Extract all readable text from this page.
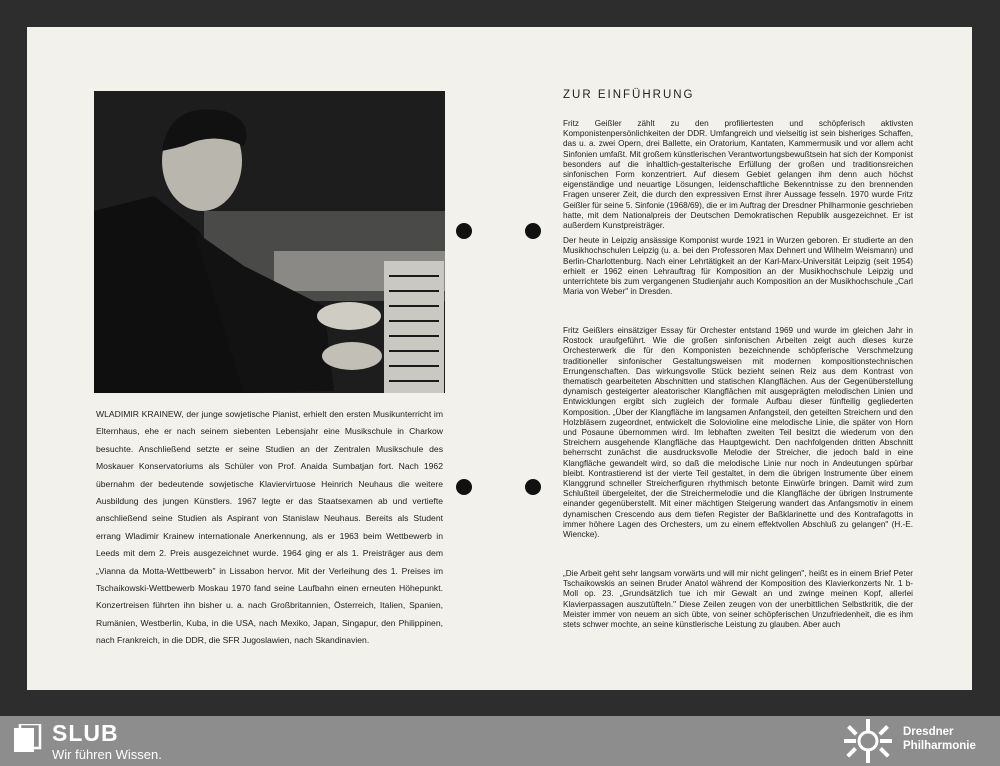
WLADIMIR KRAINEW, der junge sowjetische Pianist, erhielt den ersten Musikunterricht im Elternhaus, ehe er nach seinem siebenten Lebensjahr eine Musikschule in Charkow besuchte. Anschließend setzte er seine Studien an der Zentralen Musikschule des Moskauer Konservatoriums als Schüler von Prof. Anaida Sumbatjan fort. Nach 1962 übernahm der bedeutende sowjetische Klaviervirtuose Heinrich Neuhaus die weitere Ausbildung des jungen Künstlers. 1967 legte er das Staatsexamen ab und vertiefte anschließend seine Studien als Aspirant von Stanislaw Neuhaus. Bereits als Student errang Wladimir Krainew internationale Anerkennung, als er 1963 beim Wettbewerb in Leeds mit dem 2. Preis ausgezeichnet wurde. 1964 ging er als 1. Preisträger aus dem „Vianna da Motta-Wettbewerb" in Lissabon hervor. Mit der Verleihung des 1. Preises im Tschaikowski-Wettbewerb Moskau 1970 fand seine Laufbahn einen erneuten Höhepunkt. Konzertreisen führten ihn bisher u. a. nach Großbritannien, Österreich, Italien, Spanien, Rumänien, Westberlin, Kuba, in die USA, nach Mexiko, Japan, Singapur, den Philippinen, nach Frankreich, in die DDR, die SFR Jugoslawien, nach Skandinavien.
ZUR EINFÜHRUNG

Fritz Geißler zählt zu den profiliertesten und schöpferisch aktivsten Komponistenpersönlichkeiten der DDR. Umfangreich und vielseitig ist sein bisheriges Schaffen, das u. a. zwei Opern, drei Ballette, ein Oratorium, Kantaten, Kammermusik und vor allem acht Sinfonien umfaßt. Mit großem künstlerischen Verantwortungsbewußtsein hat sich der Komponist besonders auf die inhaltlich-gestalterische Erfüllung der großen und traditionsreichen sinfonischen Form konzentriert. Auf diesem Gebiet gelangen ihm denn auch höchst eigenständige und neuartige Lösungen, leidenschaftliche Bekenntnisse zu den brennenden Fragen unserer Zeit, die durch den expressiven Ernst ihrer Aussage fesseln. 1970 wurde Fritz Geißler für seine 5. Sinfonie (1968/69), die er im Auftrag der Dresdner Philharmonie geschrieben hatte, mit dem Nationalpreis der Deutschen Demokratischen Republik ausgezeichnet. Er ist außerdem Kunstpreisträger.

Der heute in Leipzig ansässige Komponist wurde 1921 in Wurzen geboren. Er studierte an den Musikhochschulen Leipzig (u. a. bei den Professoren Max Dehnert und Wilhelm Weismann) und Berlin-Charlottenburg. Nach einer Lehrtätigkeit an der Karl-Marx-Universität Leipzig (seit 1954) erhielt er 1962 einen Lehrauftrag für Komposition an der Musikhochschule Leipzig und unterrichtete bis zum vergangenen Studienjahr auch Komposition an der Musikhochschule „Carl Maria von Weber" in Dresden.

Fritz Geißlers einsätziger Essay für Orchester entstand 1969 und wurde im gleichen Jahr in Rostock uraufgeführt. Wie die großen sinfonischen Arbeiten zeigt auch dieses kurze Orchesterwerk die für den Komponisten bezeichnende schöpferische Verschmelzung traditioneller sinfonischer Gestaltungsweisen mit modernen kompositionstechnischen Errungenschaften. Das wirkungsvolle Stück bezieht seinen Reiz aus dem Kontrast von thematisch gearbeiteten Abschnitten und statischen Klangflächen. Aus der Gegenüberstellung dynamisch gesteigerter aleatorischer Klangflächen mit ausgeprägten melodischen Linien und Entwicklungen ergibt sich zugleich der formale Aufbau dieser fünfteilig gegliederten Komposition. „Über der Klangfläche im langsamen Anfangsteil, den geteilten Streichern und den Holzbläsern zugeordnet, entwickelt die Solovioline eine melodische Linie, die später von Horn und Posaune übernommen wird. Im lebhaften zweiten Teil besitzt die wiederum von den Streichern ausgehende Klangfläche das Hauptgewicht. Den nachfolgenden dritten Abschnitt beherrscht zunächst die ausdrucksvolle Melodie der Streicher, die jedoch bald in eine Klangfläche gewandelt wird, so daß die melodische Linie nur noch in Andeutungen spürbar bleibt. Kontrastierend ist der vierte Teil gestaltet, in dem die übrigen Instrumente über einem Klanggrund schneller Streicherfiguren rhythmisch betonte Einwürfe bringen. Damit wird zum Schlußteil übergeleitet, der die Streichermelodie und die Klangfläche der übrigen Instrumente einander gegenüberstellt. Mit einer mächtigen Steigerung wandert das Anfangsmotiv in einem dynamischen Crescendo aus dem tiefen Register der Baßklarinette und des Kontrafagotts in immer höhere Lagen des Orchesters, um zu einem effektvollen Abschluß zu gelangen" (H.-E. Wiencke).

„Die Arbeit geht sehr langsam vorwärts und will mir nicht gelingen", heißt es in einem Brief Peter Tschaikowskis an seinen Bruder Anatol während der Komposition des Klavierkonzerts Nr. 1 b-Moll op. 23. „Grundsätzlich tue ich mir Gewalt an und zwinge meinen Kopf, allerlei Klavierpassagen auszutüfteln." Diese Zeilen zeugen von der unerbittlichen Selbstkritik, die der Meister immer von neuem an sich übte, von seiner schöpferischen Unzufriedenheit, die es ihm stets schwer mochte, an seine künstlerische Leistung zu glauben. Aber auch

SLUB
Wir führen Wissen.
Dresdner
Philharmonie
